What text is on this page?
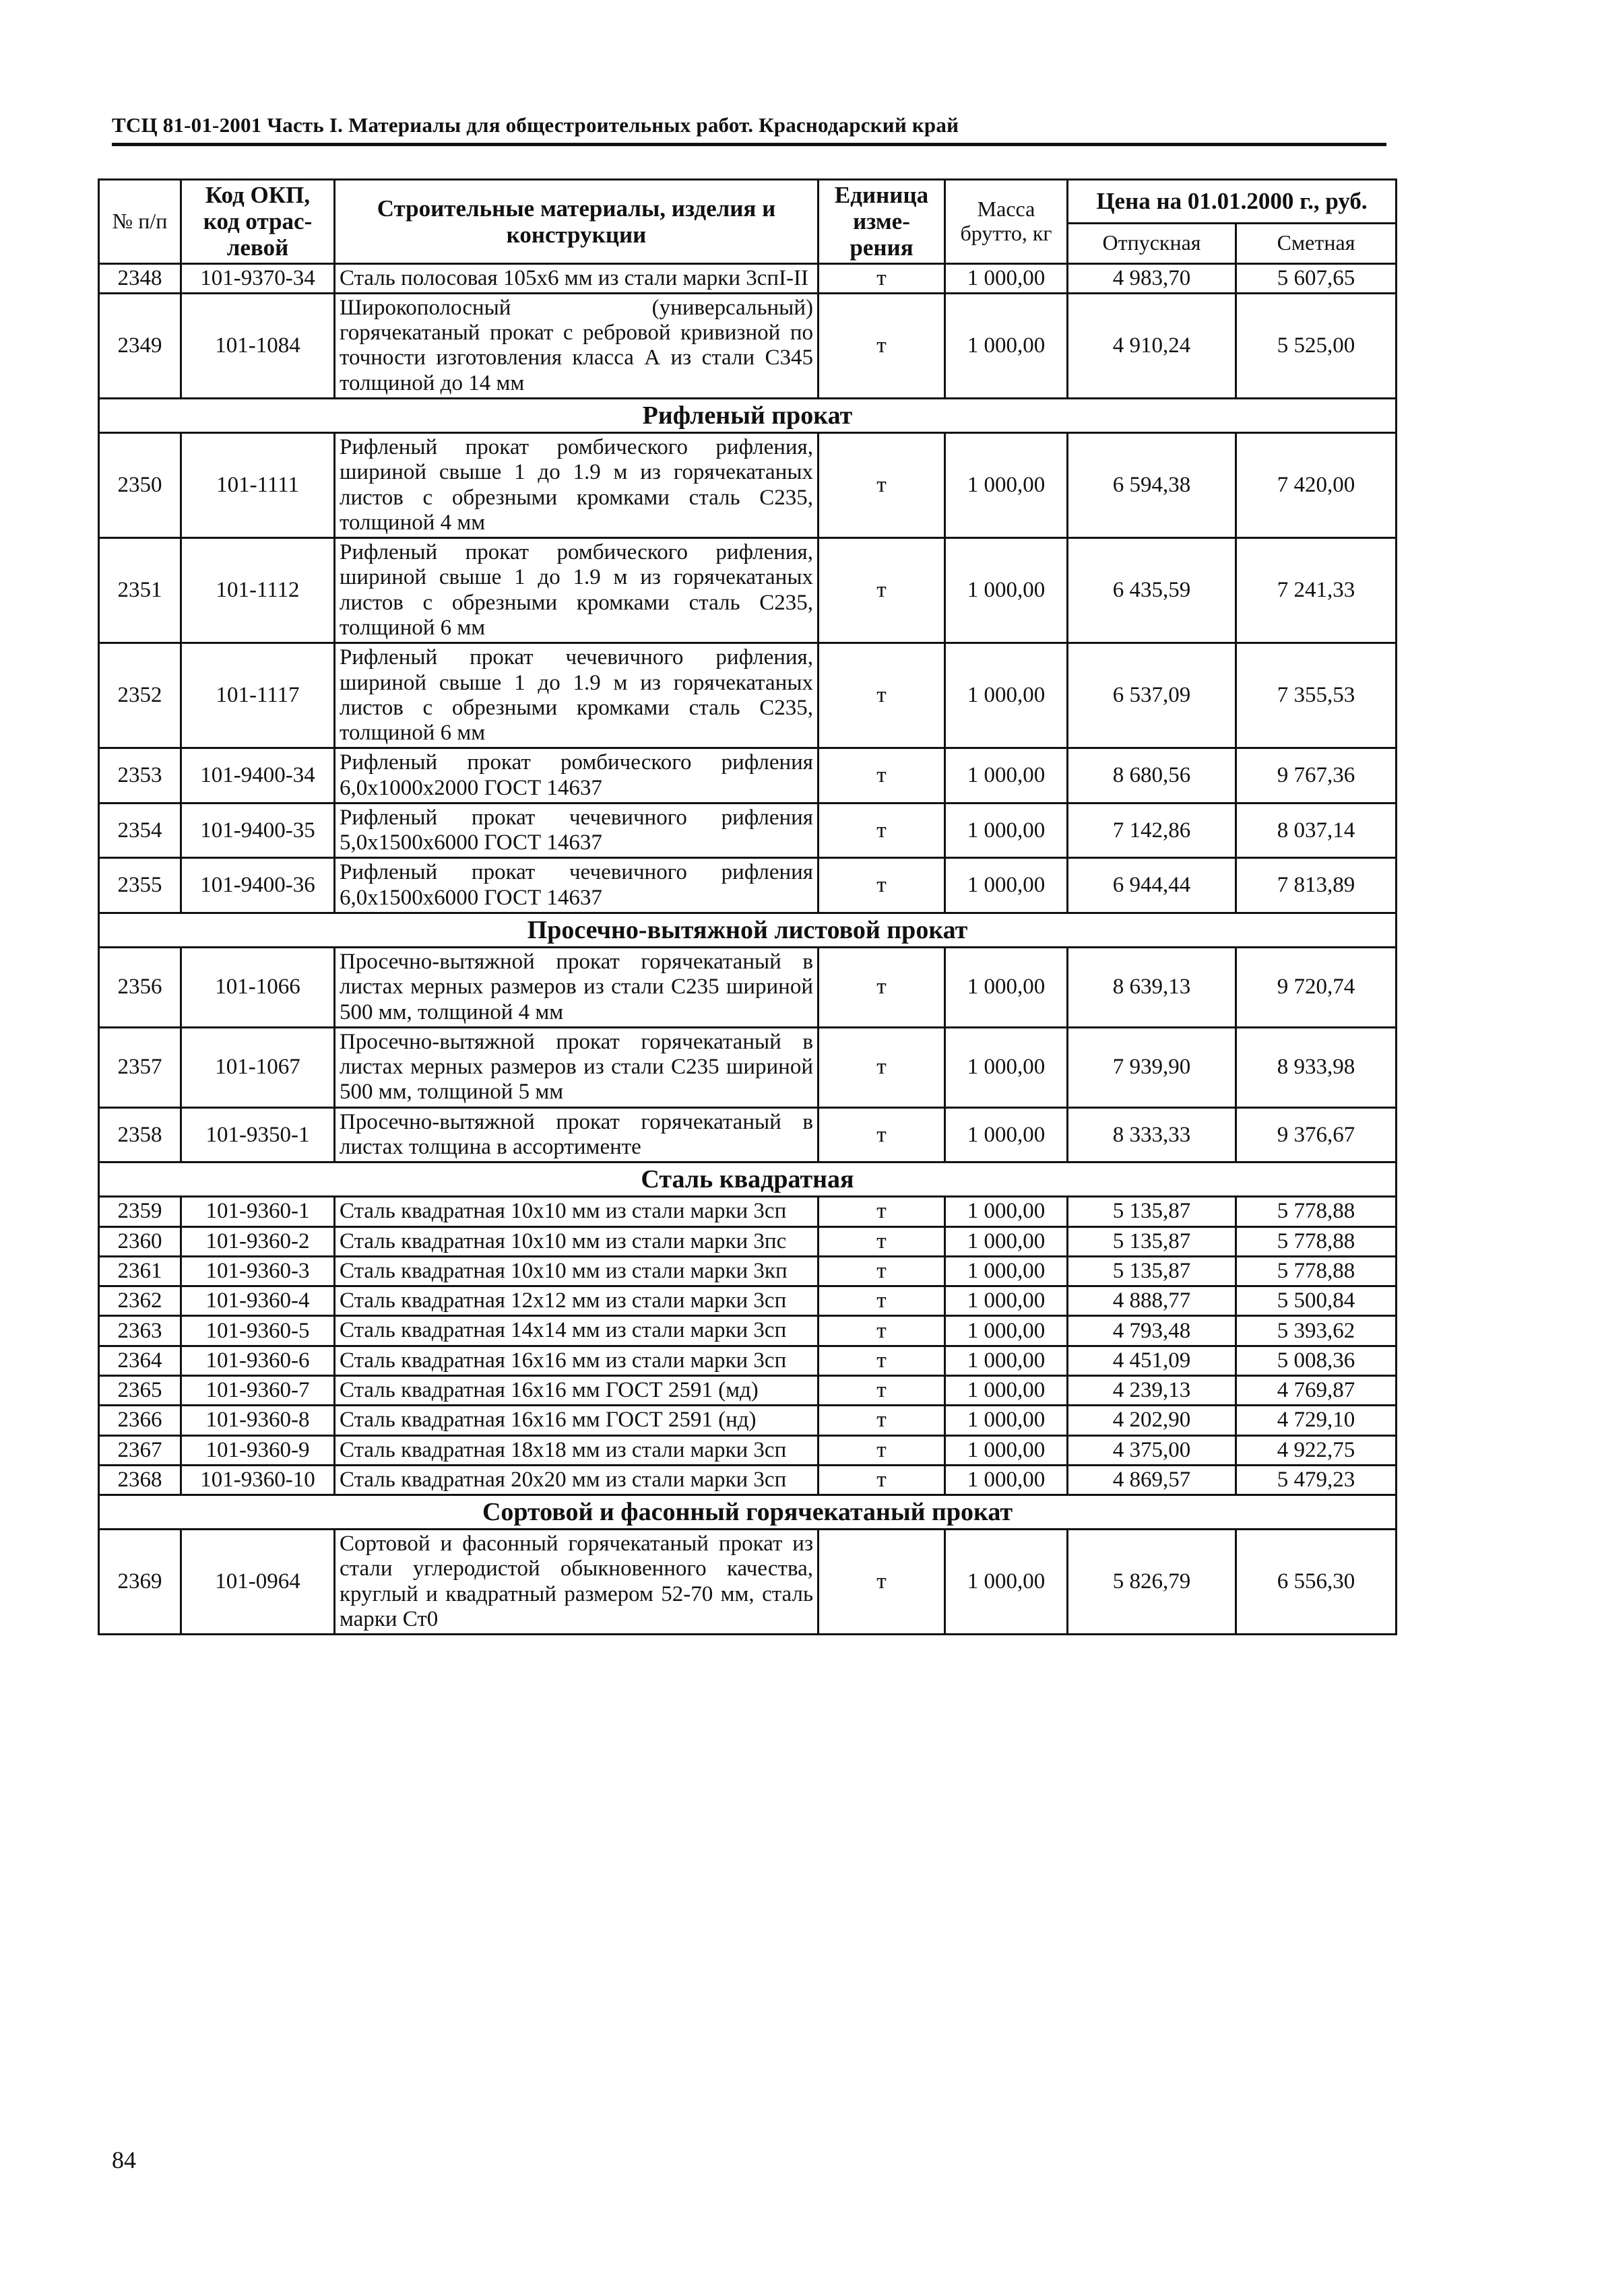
ТСЦ 81-01-2001 Часть I. Материалы для общестроительных работ. Краснодарский край
№ п/п	Код ОКП, код отрас-левой	Строительные материалы, изделия и конструкции	Единица изме-рения	Масса брутто, кг	Цена на 01.01.2000 г., руб.	
					Отпускная	Сметная
2348	101-9370-34	Сталь полосовая 105х6 мм из стали марки 3спI-II	т	1 000,00	4 983,70	5 607,65
2349	101-1084	Широкополосный (универсальный) горячекатаный прокат с ребровой кривизной по точности изготовления класса А из стали С345 толщиной до 14 мм	т	1 000,00	4 910,24	5 525,00
Рифленый прокат						
2350	101-1111	Рифленый прокат ромбического рифления, шириной свыше 1 до 1.9 м из горячекатаных листов с обрезными кромками сталь С235, толщиной 4 мм	т	1 000,00	6 594,38	7 420,00
2351	101-1112	Рифленый прокат ромбического рифления, шириной свыше 1 до 1.9 м из горячекатаных листов с обрезными кромками сталь С235, толщиной 6 мм	т	1 000,00	6 435,59	7 241,33
2352	101-1117	Рифленый прокат чечевичного рифления, шириной свыше 1 до 1.9 м из горячекатаных листов с обрезными кромками сталь С235, толщиной 6 мм	т	1 000,00	6 537,09	7 355,53
2353	101-9400-34	Рифленый прокат ромбического рифления 6,0х1000х2000 ГОСТ 14637	т	1 000,00	8 680,56	9 767,36
2354	101-9400-35	Рифленый прокат чечевичного рифления 5,0х1500х6000 ГОСТ 14637	т	1 000,00	7 142,86	8 037,14
2355	101-9400-36	Рифленый прокат чечевичного рифления 6,0х1500х6000 ГОСТ 14637	т	1 000,00	6 944,44	7 813,89
Просечно-вытяжной листовой прокат						
2356	101-1066	Просечно-вытяжной прокат горячекатаный в листах мерных размеров из стали С235 шириной 500 мм, толщиной 4 мм	т	1 000,00	8 639,13	9 720,74
2357	101-1067	Просечно-вытяжной прокат горячекатаный в листах мерных размеров из стали С235 шириной 500 мм, толщиной 5 мм	т	1 000,00	7 939,90	8 933,98
2358	101-9350-1	Просечно-вытяжной прокат горячекатаный в листах толщина в ассортименте	т	1 000,00	8 333,33	9 376,67
Сталь квадратная						
2359	101-9360-1	Сталь квадратная 10х10 мм из стали марки 3сп	т	1 000,00	5 135,87	5 778,88
2360	101-9360-2	Сталь квадратная 10х10 мм из стали марки 3пс	т	1 000,00	5 135,87	5 778,88
2361	101-9360-3	Сталь квадратная 10х10 мм из стали марки 3кп	т	1 000,00	5 135,87	5 778,88
2362	101-9360-4	Сталь квадратная 12х12 мм из стали марки 3сп	т	1 000,00	4 888,77	5 500,84
2363	101-9360-5	Сталь квадратная 14х14 мм из стали марки 3сп	т	1 000,00	4 793,48	5 393,62
2364	101-9360-6	Сталь квадратная 16х16 мм из стали марки 3сп	т	1 000,00	4 451,09	5 008,36
2365	101-9360-7	Сталь квадратная 16х16 мм ГОСТ 2591 (мд)	т	1 000,00	4 239,13	4 769,87
2366	101-9360-8	Сталь квадратная 16х16 мм ГОСТ 2591 (нд)	т	1 000,00	4 202,90	4 729,10
2367	101-9360-9	Сталь квадратная 18х18 мм из стали марки 3сп	т	1 000,00	4 375,00	4 922,75
2368	101-9360-10	Сталь квадратная 20х20 мм из стали марки 3сп	т	1 000,00	4 869,57	5 479,23
Сортовой и фасонный горячекатаный прокат						
2369	101-0964	Сортовой и фасонный горячекатаный прокат из стали углеродистой обыкновенного качества, круглый и квадратный размером 52-70 мм, сталь марки Ст0	т	1 000,00	5 826,79	6 556,30
84
